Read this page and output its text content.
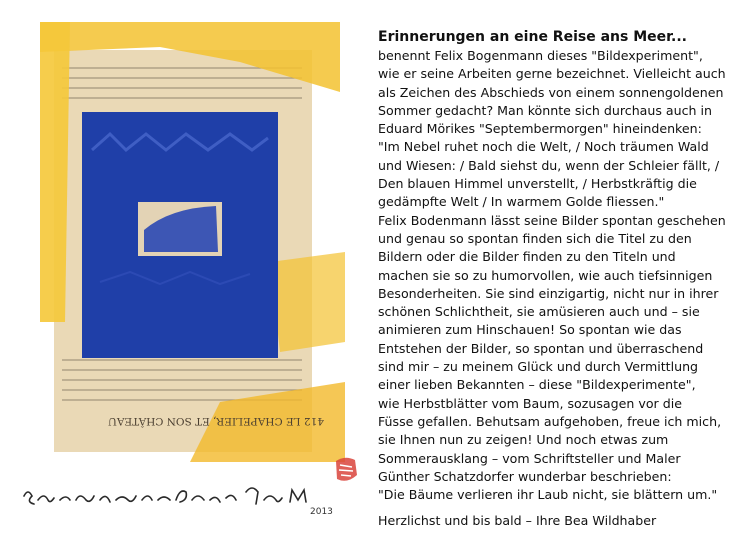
412 LE CHAPELIER, ET SON CHÂTEAU
2013
Erinnerungen an eine Reise ans Meer...
benennt Felix Bogenmann dieses "Bildexperiment",
wie er seine Arbeiten gerne bezeichnet. Vielleicht auch
als Zeichen des Abschieds von einem sonnengoldenen
Sommer gedacht? Man könnte sich durchaus auch in
Eduard Mörikes "Septembermorgen" hineindenken:
"Im Nebel ruhet noch die Welt, / Noch träumen Wald
und Wiesen: / Bald siehst du, wenn der Schleier fällt, /
Den blauen Himmel unverstellt, / Herbstkräftig die
gedämpfte Welt / In warmem Golde fliessen."
Felix Bodenmann lässt seine Bilder spontan geschehen
und genau so spontan finden sich die Titel zu den
Bildern oder die Bilder finden zu den Titeln und
machen sie so zu humorvollen, wie auch tiefsinnigen
Besonderheiten. Sie sind einzigartig, nicht nur in ihrer
schönen Schlichtheit, sie amüsieren auch und – sie
animieren zum Hinschauen! So spontan wie das
Entstehen der Bilder, so spontan und überraschend
sind mir – zu meinem Glück und durch Vermittlung
einer lieben Bekannten – diese "Bildexperimente",
wie Herbstblätter vom Baum, sozusagen vor die
Füsse gefallen. Behutsam aufgehoben, freue ich mich,
sie Ihnen nun zu zeigen! Und noch etwas zum
Sommerausklang – vom Schriftsteller und Maler
Günther Schatzdorfer wunderbar beschrieben:
"Die Bäume verlieren ihr Laub nicht, sie blättern um."
Herzlichst und bis bald – Ihre Bea Wildhaber
